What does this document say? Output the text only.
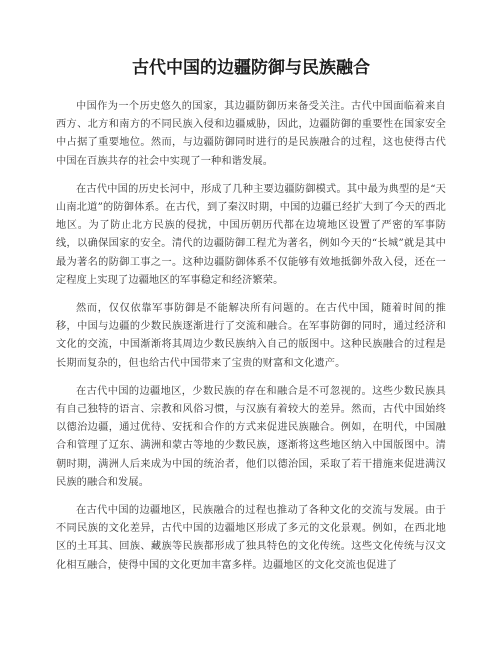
古代中国的边疆防御与民族融合

中国作为一个历史悠久的国家，其边疆防御历来备受关注。古代中国面临着来自西方、北方和南方的不同民族入侵和边疆威胁，因此，边疆防御的重要性在国家安全中占据了重要地位。然而，与边疆防御同时进行的是民族融合的过程，这也使得古代中国在百族共存的社会中实现了一种和谐发展。

在古代中国的历史长河中，形成了几种主要边疆防御模式。其中最为典型的是“天山南北道”的防御体系。在古代，到了秦汉时期，中国的边疆已经扩大到了今天的西北地区。为了防止北方民族的侵扰，中国历朝历代都在边境地区设置了严密的军事防线，以确保国家的安全。清代的边疆防御工程尤为著名，例如今天的“长城”就是其中最为著名的防御工事之一。这种边疆防御体系不仅能够有效地抵御外敌入侵，还在一定程度上实现了边疆地区的军事稳定和经济繁荣。

然而，仅仅依靠军事防御是不能解决所有问题的。在古代中国，随着时间的推移，中国与边疆的少数民族逐渐进行了交流和融合。在军事防御的同时，通过经济和文化的交流，中国渐渐将其周边少数民族纳入自己的版图中。这种民族融合的过程是长期而复杂的，但也给古代中国带来了宝贵的财富和文化遗产。

在古代中国的边疆地区，少数民族的存在和融合是不可忽视的。这些少数民族具有自己独特的语言、宗教和风俗习惯，与汉族有着较大的差异。然而，古代中国始终以德治边疆，通过优待、安抚和合作的方式来促进民族融合。例如，在明代，中国融合和管理了辽东、满洲和蒙古等地的少数民族，逐渐将这些地区纳入中国版图中。清朝时期，满洲人后来成为中国的统治者，他们以德治国，采取了若干措施来促进满汉民族的融合和发展。

在古代中国的边疆地区，民族融合的过程也推动了各种文化的交流与发展。由于不同民族的文化差异，古代中国的边疆地区形成了多元的文化景观。例如，在西北地区的土耳其、回族、藏族等民族都形成了独具特色的文化传统。这些文化传统与汉文化相互融合，使得中国的文化更加丰富多样。边疆地区的文化交流也促进了
